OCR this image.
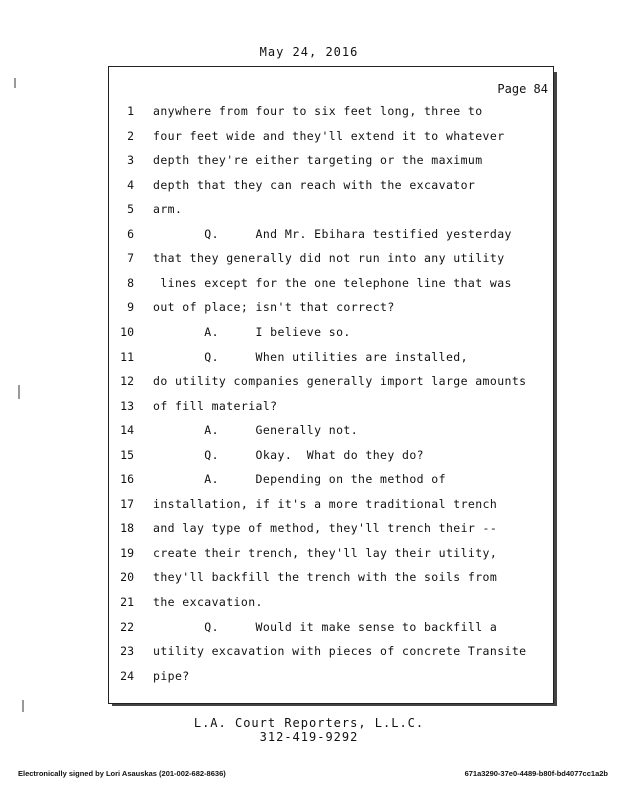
May 24, 2016
Page 84
1 anywhere from four to six feet long, three to
2 four feet wide and they'll extend it to whatever
3 depth they're either targeting or the maximum
4 depth that they can reach with the excavator
5 arm.
6 Q.     And Mr. Ebihara testified yesterday
7 that they generally did not run into any utility
8 lines except for the one telephone line that was
9 out of place; isn't that correct?
10 A.     I believe so.
11 Q.     When utilities are installed,
12 do utility companies generally import large amounts
13 of fill material?
14 A.     Generally not.
15 Q.     Okay.  What do they do?
16 A.     Depending on the method of
17 installation, if it's a more traditional trench
18 and lay type of method, they'll trench their --
19 create their trench, they'll lay their utility,
20 they'll backfill the trench with the soils from
21 the excavation.
22 Q.     Would it make sense to backfill a
23 utility excavation with pieces of concrete Transite
24 pipe?
L.A. Court Reporters, L.L.C.
312-419-9292
Electronically signed by Lori Asauskas (201-002-682-8636)	671a3290-37e0-4489-b80f-bd4077cc1a2b
